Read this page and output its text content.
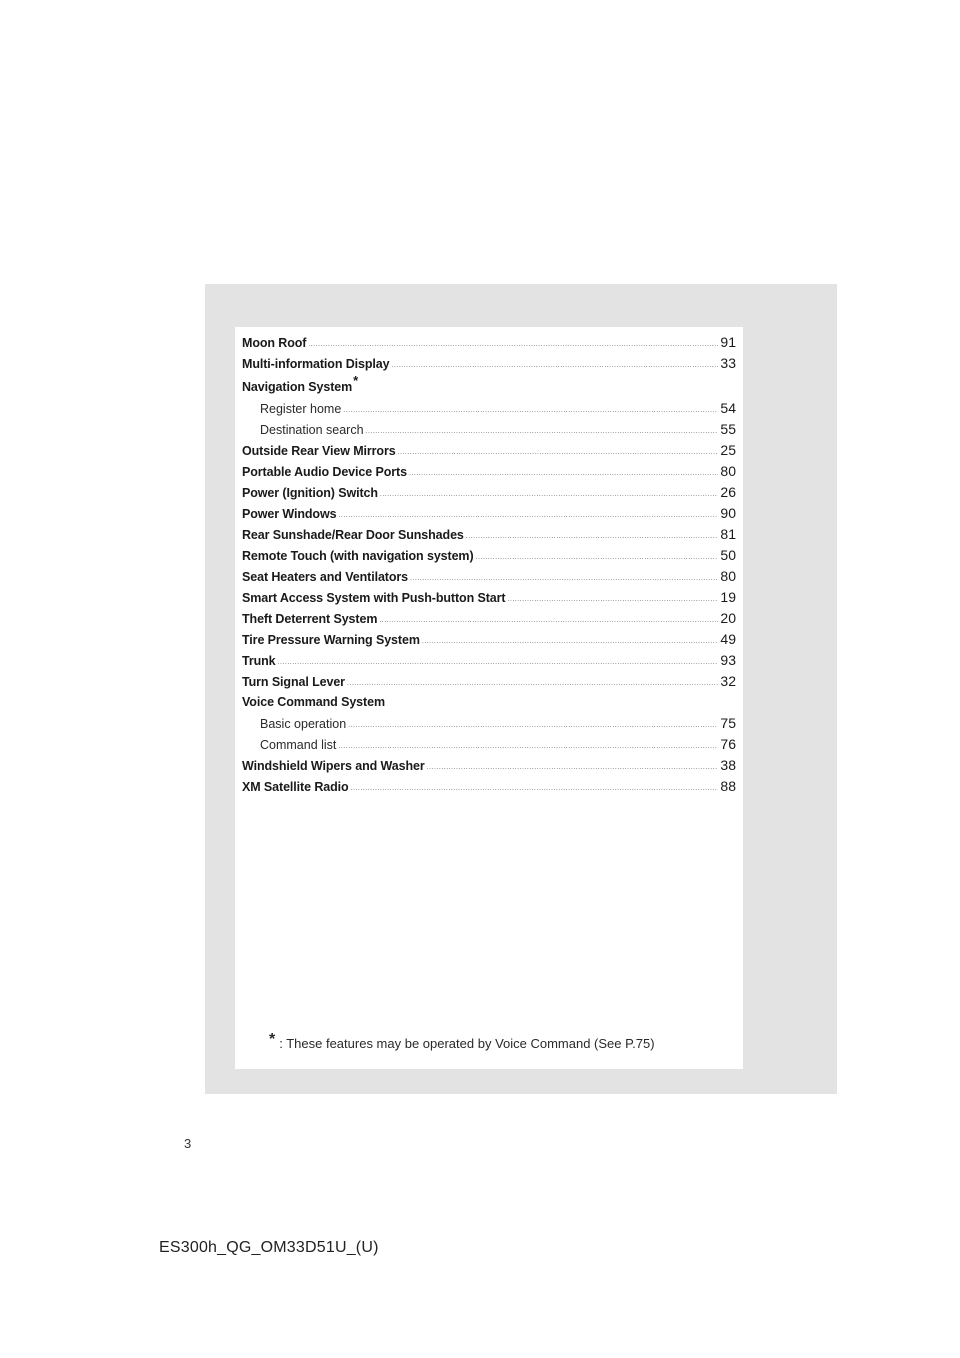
Moon Roof .....	91
Multi-information Display .....	33
Navigation System *
Register home .....	54
Destination search .....	55
Outside Rear View Mirrors .....	25
Portable Audio Device Ports .....	80
Power (Ignition) Switch .....	26
Power Windows .....	90
Rear Sunshade/Rear Door Sunshades .....	81
Remote Touch (with navigation system) .....	50
Seat Heaters and Ventilators .....	80
Smart Access System with Push-button Start .....	19
Theft Deterrent System .....	20
Tire Pressure Warning System .....	49
Trunk .....	93
Turn Signal Lever .....	32
Voice Command System
Basic operation .....	75
Command list .....	76
Windshield Wipers and Washer .....	38
XM Satellite Radio .....	88
* : These features may be operated by Voice Command (See P.75)
3
ES300h_QG_OM33D51U_(U)
